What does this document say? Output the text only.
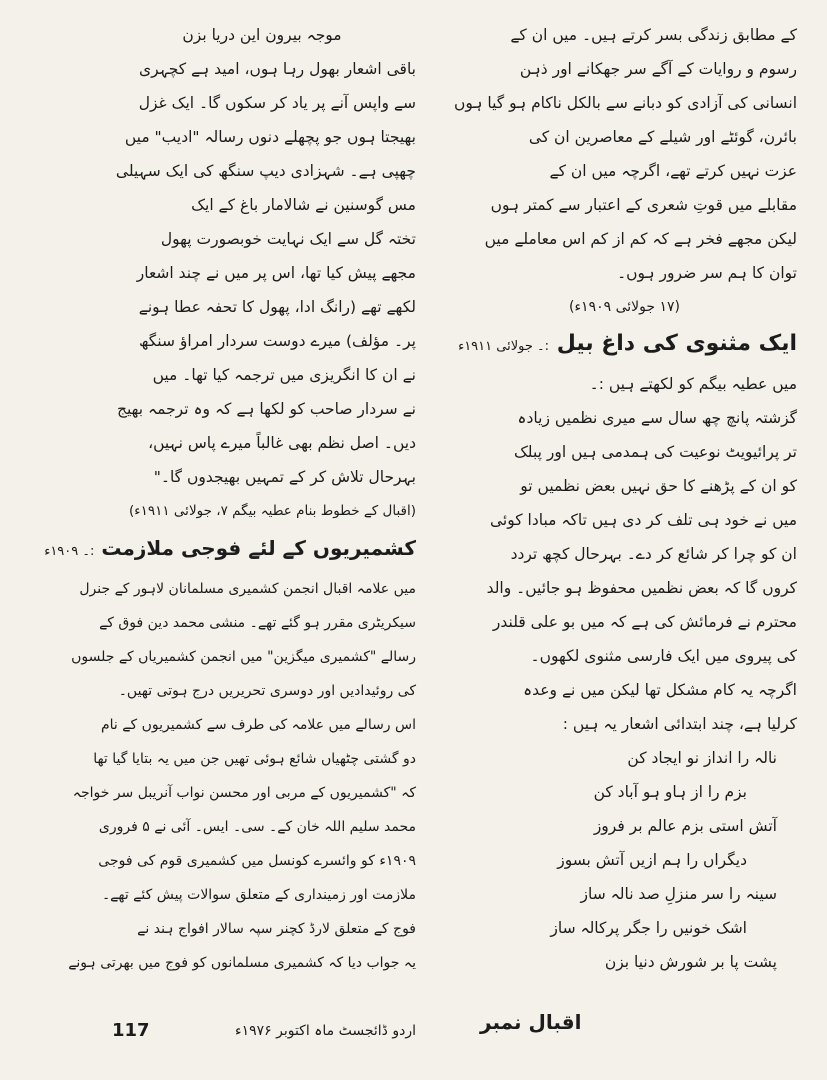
کے مطابق زندگی بسر کرتے ہیں۔ میں ان کے
رسوم و روایات کے آگے سر جھکانے اور ذہن
انسانی کی آزادی کو دبانے سے بالکل ناکام ہو گیا ہوں
بائرن، گوئٹے اور شیلے کے معاصرین ان کی
عزت نہیں کرتے تھے، اگرچہ میں ان کے
مقابلے میں قوتِ شعری کے اعتبار سے کمتر ہوں
لیکن مجھے فخر ہے کہ کم از کم اس معاملے میں
توان کا ہم سر ضرور ہوں۔
(۱۷ جولائی ۱۹۰۹ء)
ایک مثنوی کی داغ بیل :۔ جولائی ۱۹۱۱ء
میں عطیہ بیگم کو لکھتے ہیں :۔
گزشتہ پانچ چھ سال سے میری نظمیں زیادہ
تر پرائیویٹ نوعیت کی ہمدمی ہیں اور پبلک
کو ان کے پڑھنے کا حق نہیں بعض نظمیں تو
میں نے خود ہی تلف کر دی ہیں تاکہ مبادا کوئی
ان کو چرا کر شائع کر دے۔ بہرحال کچھ تردد
کروں گا کہ بعض نظمیں محفوظ ہو جائیں۔ والد
محترم نے فرمائش کی ہے کہ میں بو علی قلندر
کی پیروی میں ایک فارسی مثنوی لکھوں۔
اگرچہ یہ کام مشکل تھا لیکن میں نے وعدہ
کرلیا ہے، چند ابتدائی اشعار یہ ہیں :
نالہ را انداز نو ایجاد کن
بزم را از ہاو ہو آباد کن
آتش استی بزم عالم بر فروز
دیگراں را ہم ازیں آتش بسوز
سینہ را سر منزلِ صد نالہ ساز
اشک خونیں را جگر پرکالہ ساز
پشت پا بر شورش دنیا بزن
موجہ بیرون این دریا بزن
باقی اشعار بھول رہا ہوں، امید ہے کچہری
سے واپس آنے پر یاد کر سکوں گا۔ ایک غزل
بھیجتا ہوں جو پچھلے دنوں رسالہ "ادیب" میں
چھپی ہے۔ شہزادی دیپ سنگھ کی ایک سہیلی
مس گوسنین نے شالامار باغ کے ایک
تختہ گل سے ایک نہایت خوبصورت پھول
مجھے پیش کیا تھا، اس پر میں نے چند اشعار
لکھے تھے (رانگ ادا، پھول کا تحفہ عطا ہونے
پر۔ مؤلف) میرے دوست سردار امراؤ سنگھ
نے ان کا انگریزی میں ترجمہ کیا تھا۔ میں
نے سردار صاحب کو لکھا ہے کہ وہ ترجمہ بھیج
دیں۔ اصل نظم بھی غالباً میرے پاس نہیں،
بہرحال تلاش کر کے تمہیں بھیجدوں گا۔"
(اقبال کے خطوط بنام عطیہ بیگم ۷، جولائی ۱۹۱۱ء)
کشمیریوں کے لئے فوجی ملازمت :۔ ۱۹۰۹ء
میں علامہ اقبال انجمن کشمیری مسلمانان لاہور کے جنرل
سیکریٹری مقرر ہو گئے تھے۔ منشی محمد دین فوق کے
رسالے "کشمیری میگزین" میں انجمن کشمیریاں کے جلسوں
کی روئیدادیں اور دوسری تحریریں درج ہوتی تھیں۔
اس رسالے میں علامہ کی طرف سے کشمیریوں کے نام
دو گشتی چٹھیاں شائع ہوئی تھیں جن میں یہ بتایا گیا تھا
کہ "کشمیریوں کے مربی اور محسن نواب آنریبل سر خواجہ
محمد سلیم اللہ خان کے۔ سی۔ ایس۔ آئی نے ۵ فروری
۱۹۰۹ء کو وائسرے کونسل میں کشمیری قوم کی فوجی
ملازمت اور زمینداری کے متعلق سوالات پیش کئے تھے۔
فوج کے متعلق لارڈ کچنر سپہ سالار افواج ہند نے
یہ جواب دیا کہ کشمیری مسلمانوں کو فوج میں بھرتی ہونے
اردو ڈائجسٹ ماہ اکتوبر ۱۹۷۶ء
117	اقبال نمبر
